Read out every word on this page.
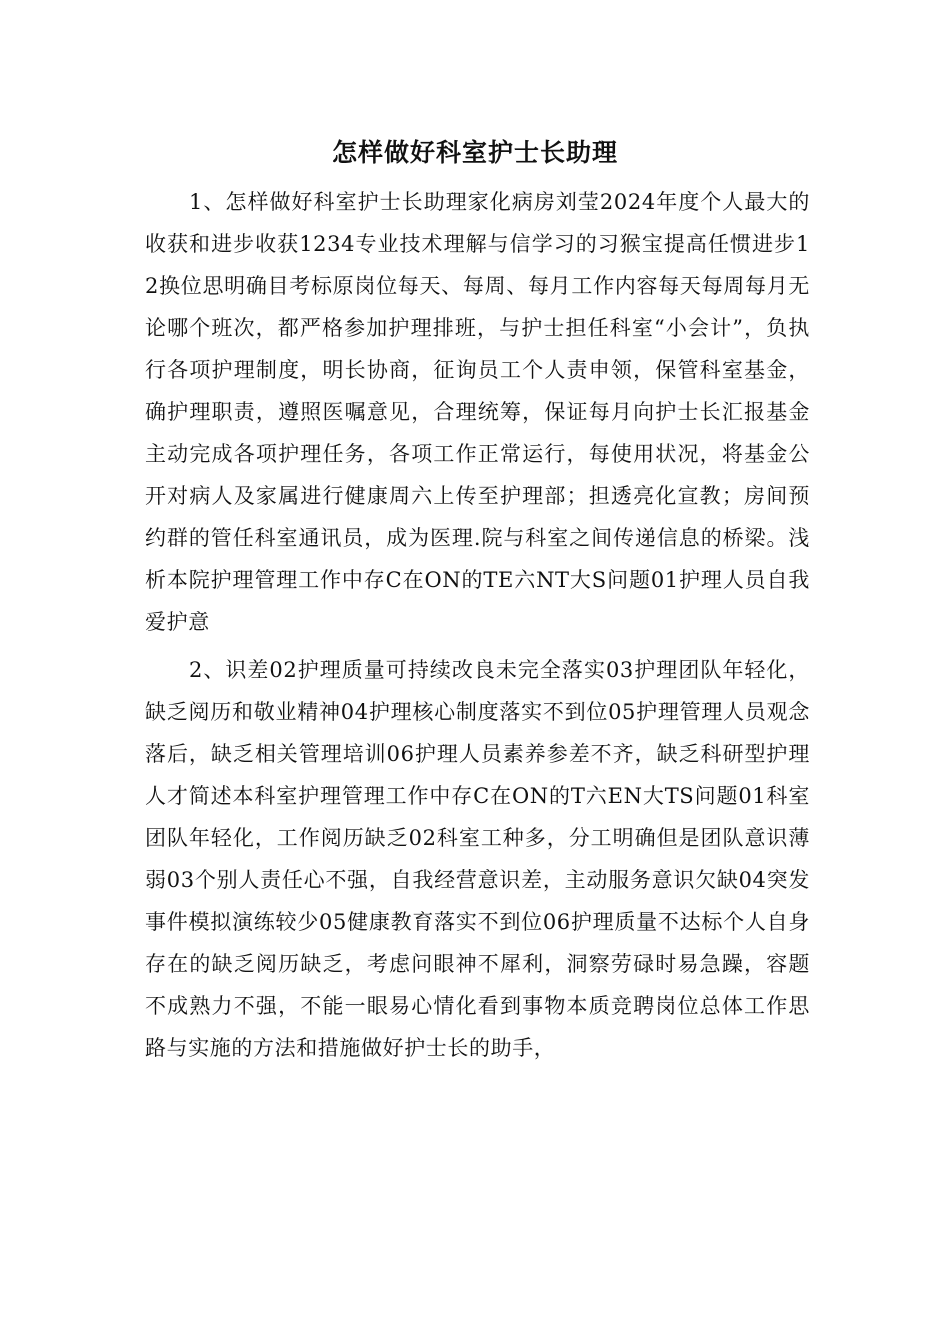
怎样做好科室护士长助理

1、怎样做好科室护士长助理家化病房刘莹2024年度个人最大的收获和进步收获1234专业技术理解与信学习的习猴宝提高任惯进步12换位思明确目考标原岗位每天、每周、每月工作内容每天每周每月无论哪个班次，都严格参加护理排班，与护士担任科室“小会计”，负执行各项护理制度，明长协商，征询员工个人责申领，保管科室基金，确护理职责，遵照医嘱意见，合理统筹，保证每月向护士长汇报基金主动完成各项护理任务，各项工作正常运行，每使用状况，将基金公开对病人及家属进行健康周六上传至护理部；担透亮化宣教；房间预约群的管任科室通讯员，成为医理.院与科室之间传递信息的桥梁。浅析本院护理管理工作中存C在ON的TE六NT大S问题01护理人员自我爱护意

2、识差02护理质量可持续改良未完全落实03护理团队年轻化，缺乏阅历和敬业精神04护理核心制度落实不到位05护理管理人员观念落后，缺乏相关管理培训06护理人员素养参差不齐，缺乏科研型护理人才简述本科室护理管理工作中存C在ON的T六EN大TS问题01科室团队年轻化，工作阅历缺乏02科室工种多，分工明确但是团队意识薄弱03个别人责任心不强，自我经营意识差，主动服务意识欠缺04突发事件模拟演练较少05健康教育落实不到位06护理质量不达标个人自身存在的缺乏阅历缺乏，考虑问眼神不犀利，洞察劳碌时易急躁，容题不成熟力不强，不能一眼易心情化看到事物本质竞聘岗位总体工作思路与实施的方法和措施做好护士长的助手，
